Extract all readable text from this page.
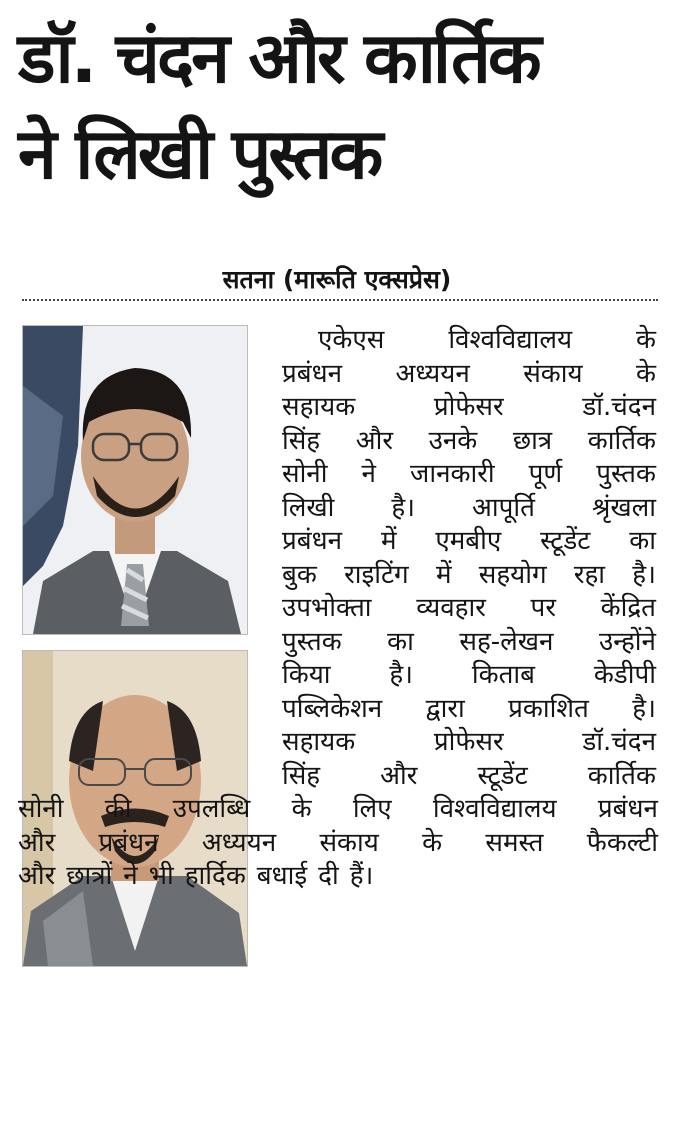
डॉ. चंदन और कार्तिक
ने लिखी पुस्तक
सतना (मारूति एक्सप्रेस)
एकेएस विश्वविद्यालय के
प्रबंधन अध्ययन संकाय के
सहायक	प्रोफेसर	डॉ.चंदन
सिंह और उनके छात्र कार्तिक
सोनी ने जानकारी पूर्ण पुस्तक
लिखी है। आपूर्ति श्रृंखला
प्रबंधन में एमबीए स्टूडेंट का
बुक राइटिंग में सहयोग रहा है।
उपभोक्ता व्यवहार पर केंद्रित
पुस्तक का सह-लेखन उन्होंने
किया है। किताब केडीपी
पब्लिकेशन द्वारा प्रकाशित है।
सहायक	प्रोफेसर	डॉ.चंदन
सिंह और स्टूडेंट कार्तिक
सोनी की उपलब्धि के लिए विश्वविद्यालय प्रबंधन
और प्रबंधन अध्ययन संकाय के समस्त फैकल्टी
और छात्रों ने भी हार्दिक बधाई दी हैं।
